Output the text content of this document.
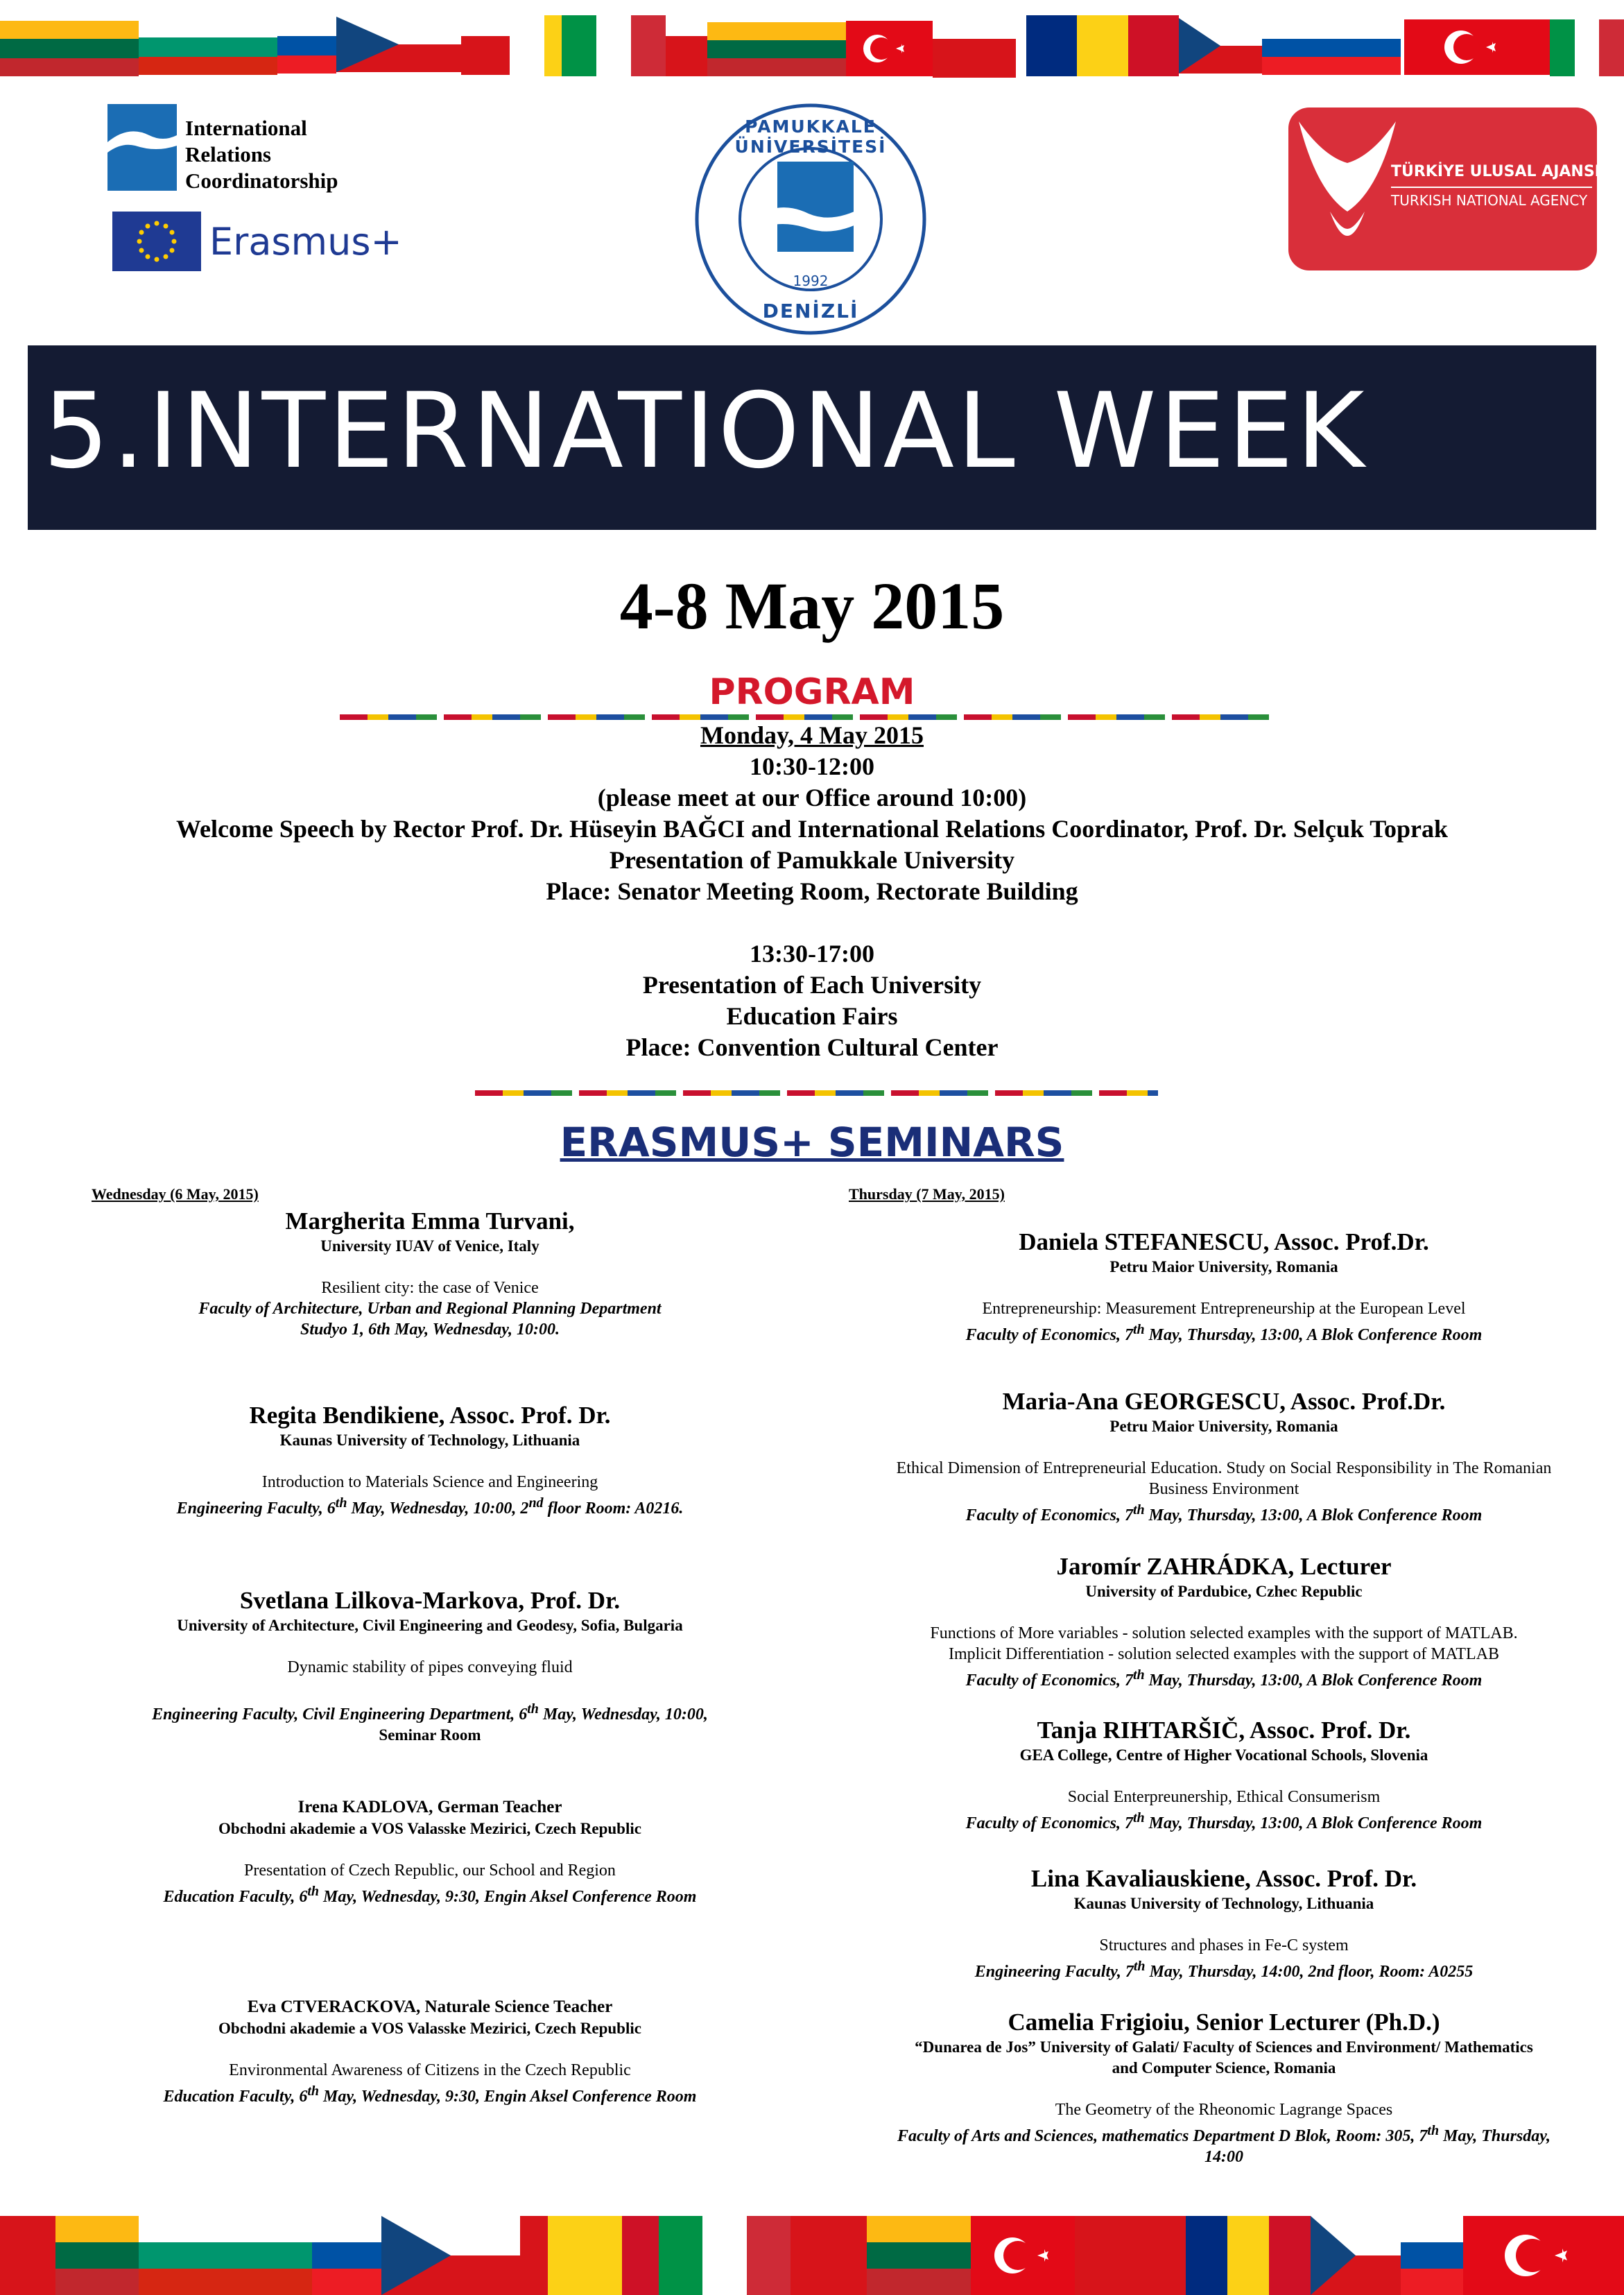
International
Relations
Coordinatorship
Erasmus+
PAMUKKALE ÜNİVERSİTESİ
1992
DENİZLİ
TÜRKİYE ULUSAL AJANSI
TURKISH NATIONAL AGENCY
5.INTERNATIONAL WEEK
4-8 May 2015
PROGRAM
Monday, 4 May 2015
10:30-12:00
(please meet at our Office around 10:00)
Welcome Speech by Rector Prof. Dr. Hüseyin BAĞCI and International Relations Coordinator, Prof. Dr. Selçuk Toprak
Presentation of Pamukkale University
Place: Senator Meeting Room, Rectorate Building
13:30-17:00
Presentation of Each University
Education Fairs
Place: Convention Cultural Center
ERASMUS+ SEMINARS
Wednesday (6 May, 2015)	Thursday (7 May, 2015)
Margherita Emma Turvani,
University IUAV of Venice, Italy
Resilient city: the case of Venice
Faculty of Architecture, Urban and Regional Planning Department
Studyo 1, 6th May, Wednesday, 10:00.
Regita Bendikiene, Assoc. Prof. Dr.
Kaunas University of Technology, Lithuania
Introduction to Materials Science and Engineering
Engineering Faculty, 6th May, Wednesday, 10:00, 2nd floor Room: A0216.
Svetlana Lilkova-Markova, Prof. Dr.
University of Architecture, Civil Engineering and Geodesy, Sofia, Bulgaria
Dynamic stability of pipes conveying fluid
Engineering Faculty, Civil Engineering Department, 6th May, Wednesday, 10:00,
Seminar Room
Irena KADLOVA, German Teacher
Obchodni akademie a VOS Valasske Mezirici, Czech Republic
Presentation of Czech Republic, our School and Region
Education Faculty, 6th May, Wednesday, 9:30, Engin Aksel Conference Room
Eva CTVERACKOVA, Naturale Science Teacher
Obchodni akademie a VOS Valasske Mezirici, Czech Republic
Environmental Awareness of Citizens in the Czech Republic
Education Faculty, 6th May, Wednesday, 9:30, Engin Aksel Conference Room
Daniela STEFANESCU, Assoc. Prof.Dr.
Petru Maior University, Romania
Entrepreneurship: Measurement Entrepreneurship at the European Level
Faculty of Economics, 7th May, Thursday, 13:00, A Blok Conference Room
Maria-Ana GEORGESCU, Assoc. Prof.Dr.
Petru Maior University, Romania
Ethical Dimension of Entrepreneurial Education. Study on Social Responsibility in The Romanian
Business Environment
Faculty of Economics, 7th May, Thursday, 13:00, A Blok Conference Room
Jaromír ZAHRÁDKA, Lecturer
University of Pardubice, Czhec Republic
Functions of More variables - solution selected examples with the support of MATLAB.
Implicit Differentiation - solution selected examples with the support of MATLAB
Faculty of Economics, 7th May, Thursday, 13:00, A Blok Conference Room
Tanja RIHTARŠIČ, Assoc. Prof. Dr.
GEA College, Centre of Higher Vocational Schools, Slovenia
Social Enterpreunership, Ethical Consumerism
Faculty of Economics, 7th May, Thursday, 13:00, A Blok Conference Room
Lina Kavaliauskiene, Assoc. Prof. Dr.
Kaunas University of Technology, Lithuania
Structures and phases in Fe-C system
Engineering Faculty, 7th May, Thursday, 14:00, 2nd floor, Room: A0255
Camelia Frigioiu, Senior Lecturer (Ph.D.)
“Dunarea de Jos” University of Galati/ Faculty of Sciences and Environment/ Mathematics
and Computer Science, Romania
The Geometry of the Rheonomic Lagrange Spaces
Faculty of Arts and Sciences, mathematics Department D Blok, Room: 305, 7th May, Thursday,
14:00
